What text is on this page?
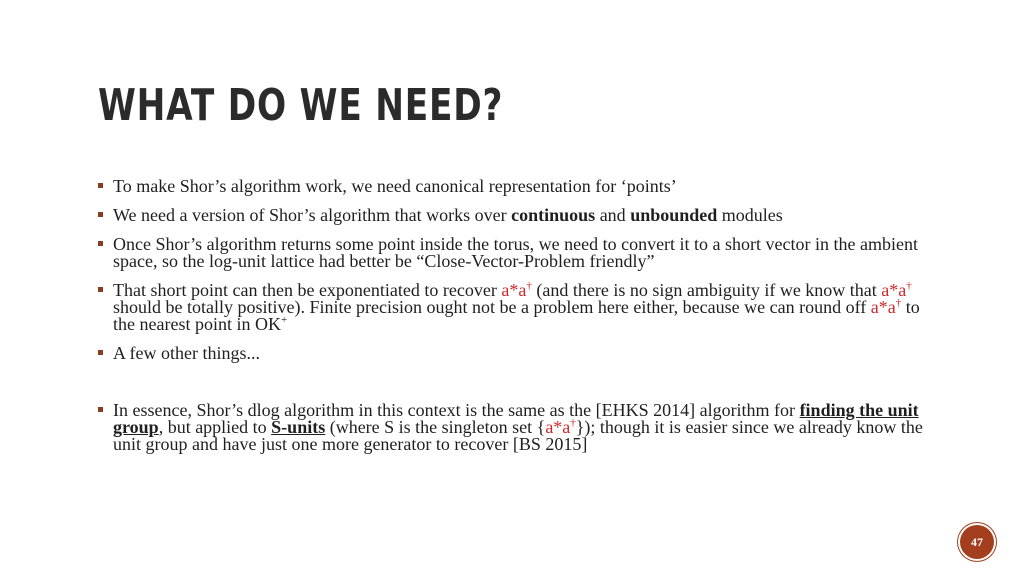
WHAT DO WE NEED?
To make Shor’s algorithm work, we need canonical representation for ‘points’
We need a version of Shor’s algorithm that works over continuous and unbounded modules
Once Shor’s algorithm returns some point inside the torus, we need to convert it to a short vector in the ambient space, so the log-unit lattice had better be “Close-Vector-Problem friendly”
That short point can then be exponentiated to recover a*a† (and there is no sign ambiguity if we know that a*a† should be totally positive). Finite precision ought not be a problem here either, because we can round off a*a† to the nearest point in OK+
A few other things...
In essence, Shor’s dlog algorithm in this context is the same as the [EHKS 2014] algorithm for finding the unit group, but applied to S-units (where S is the singleton set {a*a†}); though it is easier since we already know the unit group and have just one more generator to recover [BS 2015]
47
